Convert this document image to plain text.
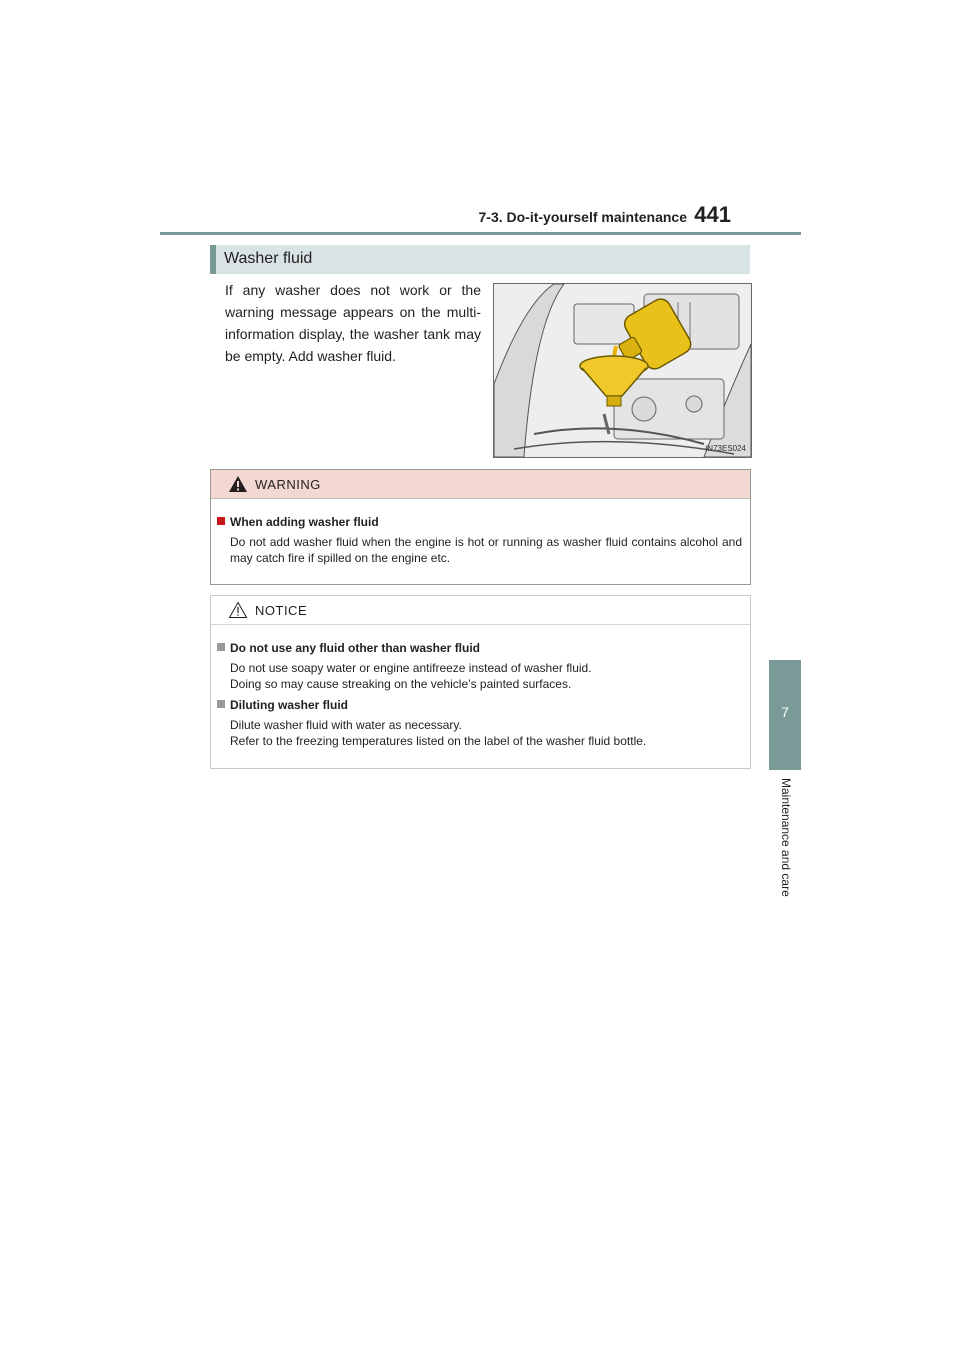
7-3. Do-it-yourself maintenance 441
7
Maintenance and care
Washer fluid

If any washer does not work or the warning message appears on the multi-information display, the washer tank may be empty. Add washer fluid.

IN73ES024
WARNING
When adding washer fluid
Do not add washer fluid when the engine is hot or running as washer fluid contains alcohol and may catch fire if spilled on the engine etc.
NOTICE
Do not use any fluid other than washer fluid
Do not use soapy water or engine antifreeze instead of washer fluid.
Doing so may cause streaking on the vehicle’s painted surfaces.
Diluting washer fluid
Dilute washer fluid with water as necessary.
Refer to the freezing temperatures listed on the label of the washer fluid bottle.
